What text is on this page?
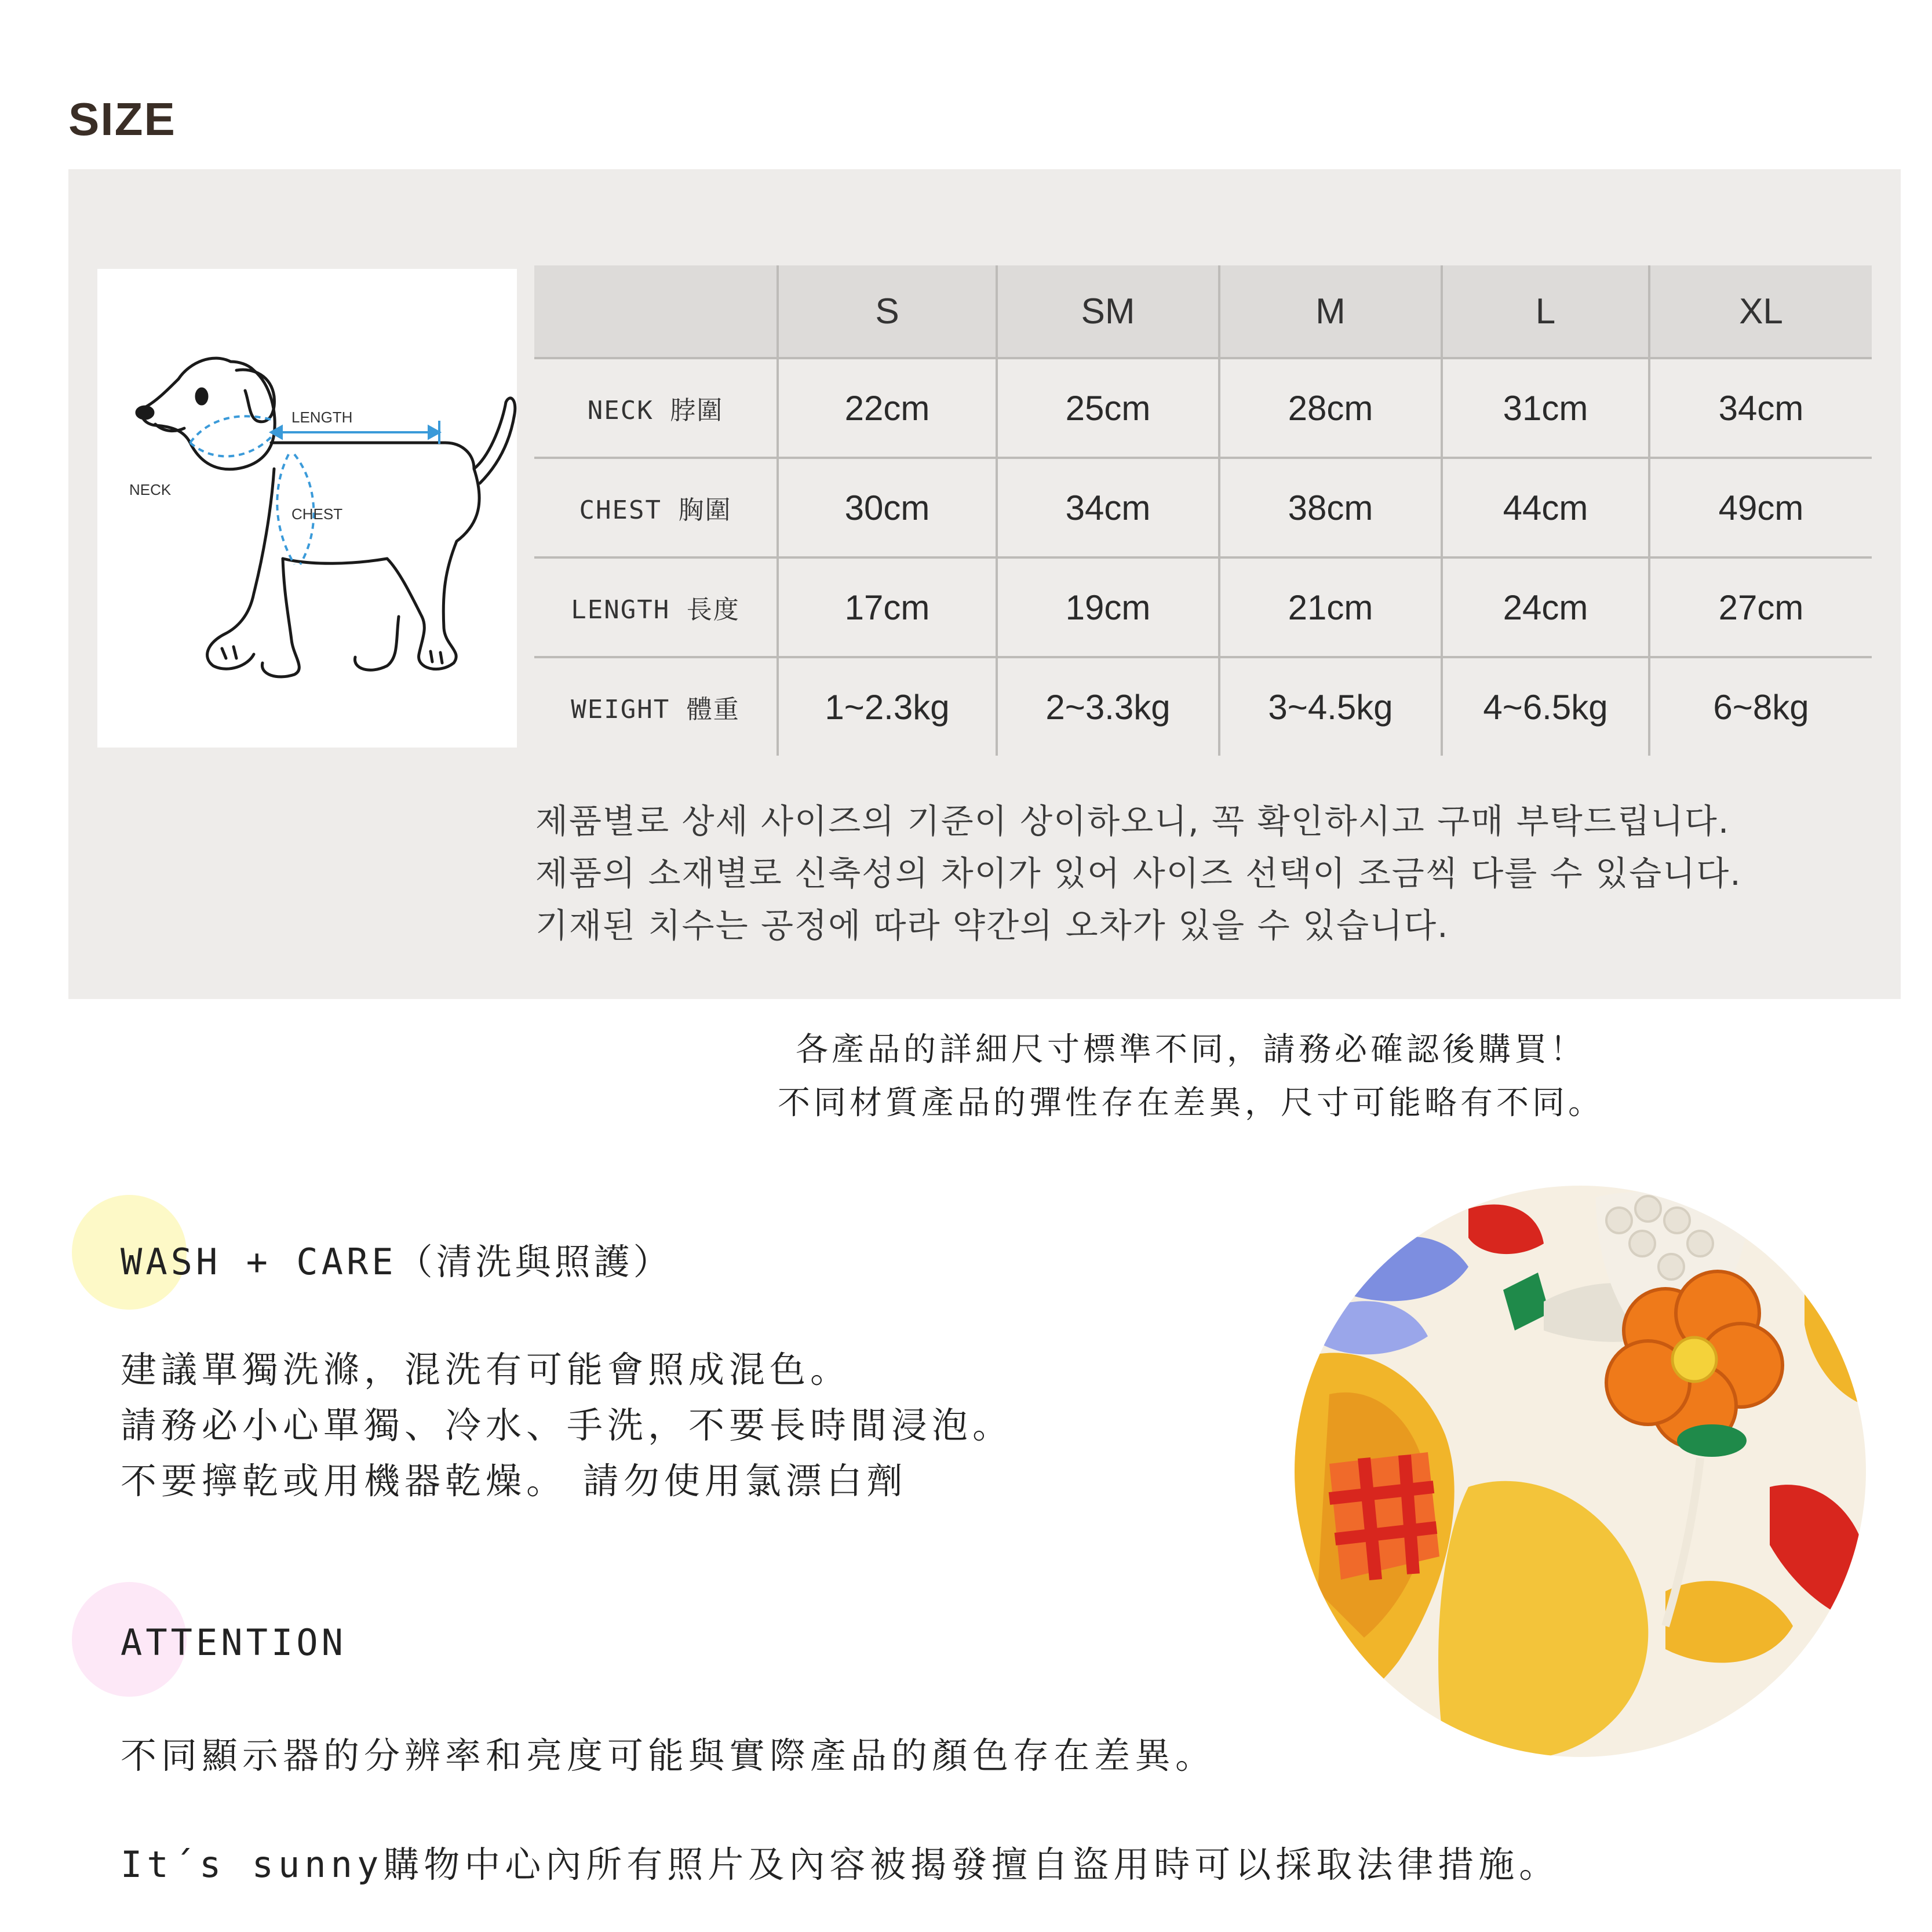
SIZE
LENGTH
NECK
CHEST
	S	SM	M	L	XL
NECK 脖圍	22cm	25cm	28cm	31cm	34cm
CHEST 胸圍	30cm	34cm	38cm	44cm	49cm
LENGTH 長度	17cm	19cm	21cm	24cm	27cm
WEIGHT 體重	1~2.3kg	2~3.3kg	3~4.5kg	4~6.5kg	6~8kg
제품별로 상세 사이즈의 기준이 상이하오니, 꼭 확인하시고 구매 부탁드립니다.
제품의 소재별로 신축성의 차이가 있어 사이즈 선택이 조금씩 다를 수 있습니다.
기재된 치수는 공정에 따라 약간의 오차가 있을 수 있습니다.
各產品的詳細尺寸標準不同，請務必確認後購買！
不同材質產品的彈性存在差異，尺寸可能略有不同。
WASH + CARE（清洗與照護）
建議單獨洗滌，混洗有可能會照成混色。
請務必小心單獨、冷水、手洗，不要長時間浸泡。
不要擰乾或用機器乾燥。 請勿使用氯漂白劑
ATTENTION
不同顯示器的分辨率和亮度可能與實際產品的顏色存在差異。
It´s sunny購物中心內所有照片及內容被揭發擅自盜用時可以採取法律措施。
